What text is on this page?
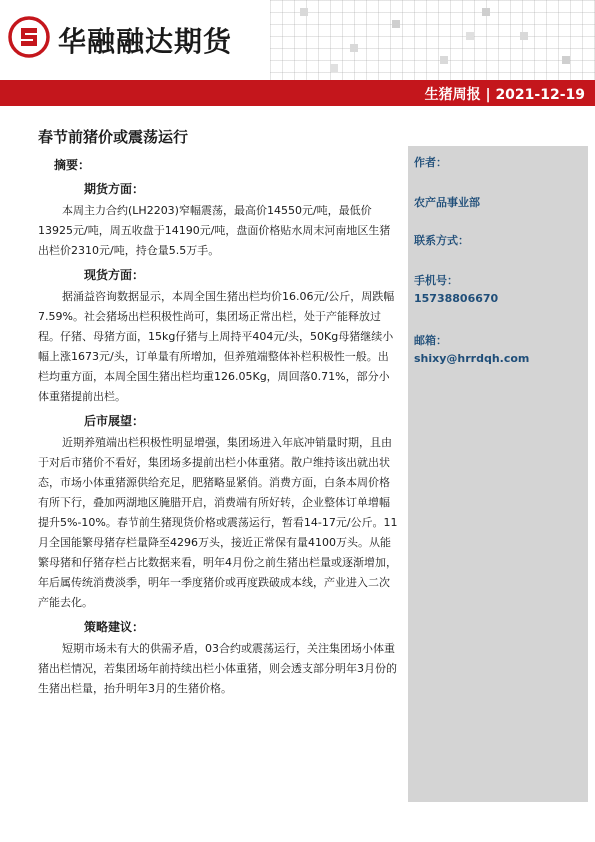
华融融达期货
生猪周报 | 2021-12-19
春节前猪价或震荡运行
摘要：
期货方面：
本周主力合约(LH2203)窄幅震荡，最高价14550元/吨，最低价13925元/吨，周五收盘于14190元/吨，盘面价格贴水周末河南地区生猪出栏价2310元/吨，持仓量5.5万手。
现货方面：
据涌益咨询数据显示，本周全国生猪出栏均价16.06元/公斤，周跌幅7.59%。社会猪场出栏积极性尚可，集团场正常出栏，处于产能释放过程。仔猪、母猪方面，15kg仔猪与上周持平404元/头，50Kg母猪继续小幅上涨1673元/头，订单量有所增加，但养殖端整体补栏积极性一般。出栏均重方面，本周全国生猪出栏均重126.05Kg，周回落0.71%，部分小体重猪提前出栏。
后市展望：
近期养殖端出栏积极性明显增强，集团场进入年底冲销量时期，且由于对后市猪价不看好，集团场多提前出栏小体重猪。散户维持该出就出状态，市场小体重猪源供给充足，肥猪略显紧俏。消费方面，白条本周价格有所下行，叠加两湖地区腌腊开启，消费端有所好转，企业整体订单增幅提升5%-10%。春节前生猪现货价格或震荡运行，暂看14-17元/公斤。11月全国能繁母猪存栏量降至4296万头，接近正常保有量4100万头。从能繁母猪和仔猪存栏占比数据来看，明年4月份之前生猪出栏量或逐渐增加，年后属传统消费淡季，明年一季度猪价或再度跌破成本线，产业进入二次产能去化。
策略建议：
短期市场未有大的供需矛盾，03合约或震荡运行，关注集团场小体重猪出栏情况，若集团场年前持续出栏小体重猪，则会透支部分明年3月份的生猪出栏量，抬升明年3月的生猪价格。
作者：
农产品事业部
联系方式：
手机号：
15738806670
邮箱：
shixy@hrrdqh.com
